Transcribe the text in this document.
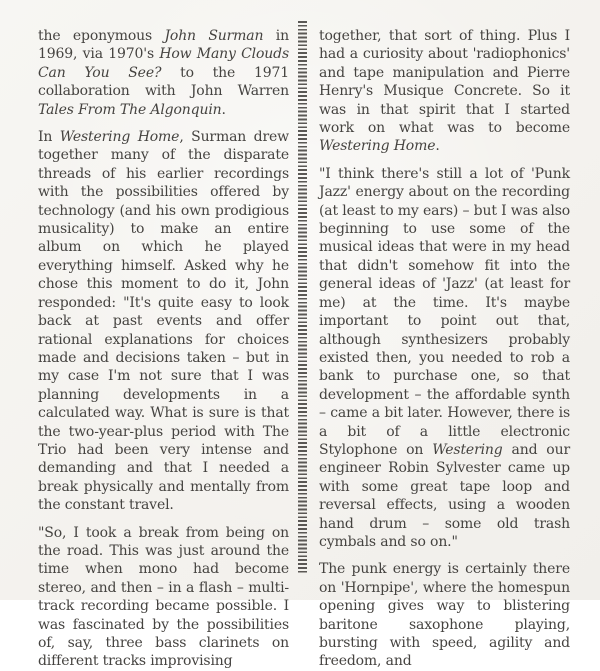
the eponymous John Surman in 1969, via 1970's How Many Clouds Can You See? to the 1971 collaboration with John Warren Tales From The Algonquin.

In Westering Home, Surman drew together many of the disparate threads of his earlier recordings with the possibilities offered by technology (and his own prodigious musicality) to make an entire album on which he played everything himself. Asked why he chose this moment to do it, John responded: "It's quite easy to look back at past events and offer rational explanations for choices made and decisions taken – but in my case I'm not sure that I was planning developments in a calculated way. What is sure is that the two-year-plus period with The Trio had been very intense and demanding and that I needed a break physically and mentally from the constant travel.

"So, I took a break from being on the road. This was just around the time when mono had become stereo, and then – in a flash – multi-track recording became possible. I was fascinated by the possibilities of, say, three bass clarinets on different tracks improvising

together, that sort of thing. Plus I had a curiosity about 'radiophonics' and tape manipulation and Pierre Henry's Musique Concrete. So it was in that spirit that I started work on what was to become Westering Home.

"I think there's still a lot of 'Punk Jazz' energy about on the recording (at least to my ears) – but I was also beginning to use some of the musical ideas that were in my head that didn't somehow fit into the general ideas of 'Jazz' (at least for me) at the time. It's maybe important to point out that, although synthesizers probably existed then, you needed to rob a bank to purchase one, so that development – the affordable synth – came a bit later. However, there is a bit of a little electronic Stylophone on Westering and our engineer Robin Sylvester came up with some great tape loop and reversal effects, using a wooden hand drum – some old trash cymbals and so on."

The punk energy is certainly there on 'Hornpipe', where the homespun opening gives way to blistering baritone saxophone playing, bursting with speed, agility and freedom, and
